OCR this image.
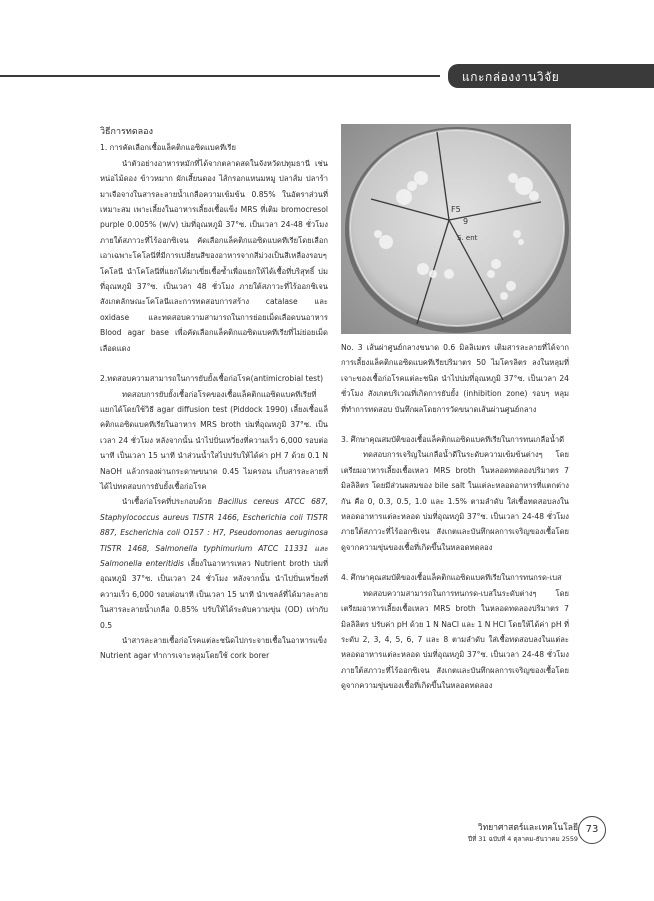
แกะกล่องงานวิจัย

วิธีการทดลอง

1. การคัดเลือกเชื้อแล็คติกแอซิดแบคทีเรีย

นำตัวอย่างอาหารหมักที่ได้จากตลาดสดในจังหวัดปทุมธานี เช่น หน่อไม้ดอง ข้าวหมาก ผักเสี้ยนดอง ไส้กรอกแหนมหมู ปลาส้ม ปลาร้า มาเจือจางในสารละลายน้ำเกลือความเข้มข้น 0.85% ในอัตราส่วนที่เหมาะสม เพาะเลี้ยงในอาหารเลี้ยงเชื้อแข็ง MRS ที่เติม bromocresol purple 0.005% (w/v) บ่มที่อุณหภูมิ 37°ซ. เป็นเวลา 24-48 ชั่วโมงภายใต้สภาวะที่ไร้ออกซิเจน คัดเลือกแล็คติกแอซิดแบคทีเรียโดยเลือกเอาเฉพาะโคโลนีที่มีการเปลี่ยนสีของอาหารจากสีม่วงเป็นสีเหลืองรอบๆ โคโลนี นำโคโลนีที่แยกได้มาเขี่ยเชื้อซ้ำเพื่อแยกให้ได้เชื้อที่บริสุทธิ์ บ่มที่อุณหภูมิ 37°ซ. เป็นเวลา 48 ชั่วโมง ภายใต้สภาวะที่ไร้ออกซิเจน สังเกตลักษณะโคโลนีและการทดสอบการสร้าง catalase และ oxidase และทดสอบความสามารถในการย่อยเม็ดเลือดบนอาหาร Blood agar base เพื่อคัดเลือกแล็คติกแอซิดแบคทีเรียที่ไม่ย่อยเม็ดเลือดแดง

2.ทดสอบความสามารถในการยับยั้งเชื้อก่อโรค(antimicrobial test)

ทดสอบการยับยั้งเชื้อก่อโรคของเชื้อแล็คติกแอซิดแบคทีเรียที่แยกได้โดยใช้วิธี agar diffusion test (Piddock 1990) เลี้ยงเชื้อแล็คติกแอซิดแบคทีเรียในอาหาร MRS broth บ่มที่อุณหภูมิ 37°ซ. เป็นเวลา 24 ชั่วโมง หลังจากนั้น นำไปปั่นเหวี่ยงที่ความเร็ว 6,000 รอบต่อนาที เป็นเวลา 15 นาที นำส่วนน้ำใสไปปรับให้ได้ค่า pH 7 ด้วย 0.1 N NaOH แล้วกรองผ่านกระดาษขนาด 0.45 ไมครอน เก็บสารละลายที่ได้ไปทดสอบการยับยั้งเชื้อก่อโรค

นำเชื้อก่อโรคที่ประกอบด้วย Bacillus cereus ATCC 687, Staphylococcus aureus TISTR 1466, Escherichia coli TISTR 887, Escherichia coli O157 : H7, Pseudomonas aeruginosa TISTR 1468, Salmonella typhimurium ATCC 11331 และ Salmonella enteritidis เลี้ยงในอาหารเหลว Nutrient broth บ่มที่อุณหภูมิ 37°ซ. เป็นเวลา 24 ชั่วโมง หลังจากนั้น นำไปปั่นเหวี่ยงที่ความเร็ว 6,000 รอบต่อนาที เป็นเวลา 15 นาที นำเซลล์ที่ได้มาละลายในสารละลายน้ำเกลือ 0.85% ปรับให้ได้ระดับความขุ่น (OD) เท่ากับ 0.5

นำสารละลายเชื้อก่อโรคแต่ละชนิดไปกระจายเชื้อในอาหารแข็ง Nutrient agar ทำการเจาะหลุมโดยใช้ cork borer

F5
9
S. ent

No. 3 เส้นผ่าศูนย์กลางขนาด 0.6 มิลลิเมตร เติมสารละลายที่ได้จากการเลี้ยงแล็คติกแอซิดแบคทีเรียปริมาตร 50 ไมโครลิตร ลงในหลุมที่เจาะของเชื้อก่อโรคแต่ละชนิด นำไปบ่มที่อุณหภูมิ 37°ซ. เป็นเวลา 24 ชั่วโมง สังเกตบริเวณที่เกิดการยับยั้ง (inhibition zone) รอบๆ หลุมที่ทำการทดสอบ บันทึกผลโดยการวัดขนาดเส้นผ่านศูนย์กลาง

3. ศึกษาคุณสมบัติของเชื้อแล็คติกแอซิดแบคทีเรียในการทนเกลือน้ำดี

ทดสอบการเจริญในเกลือน้ำดีในระดับความเข้มข้นต่างๆ โดยเตรียมอาหารเลี้ยงเชื้อเหลว MRS broth ในหลอดทดลองปริมาตร 7 มิลลิลิตร โดยมีส่วนผสมของ bile salt ในแต่ละหลอดอาหารที่แตกต่างกัน คือ 0, 0.3, 0.5, 1.0 และ 1.5% ตามลำดับ ใส่เชื้อทดสอบลงในหลอดอาหารแต่ละหลอด บ่มที่อุณหภูมิ 37°ซ. เป็นเวลา 24-48 ชั่วโมง ภายใต้สภาวะที่ไร้ออกซิเจน สังเกตและบันทึกผลการเจริญของเชื้อโดยดูจากความขุ่นของเชื้อที่เกิดขึ้นในหลอดทดลอง

4. ศึกษาคุณสมบัติของเชื้อแล็คติกแอซิดแบคทีเรียในการทนกรด-เบส

ทดสอบความสามารถในการทนกรด-เบสในระดับต่างๆ โดยเตรียมอาหารเลี้ยงเชื้อเหลว MRS broth ในหลอดทดลองปริมาตร 7 มิลลิลิตร ปรับค่า pH ด้วย 1 N NaCl และ 1 N HCl โดยให้ได้ค่า pH ที่ระดับ 2, 3, 4, 5, 6, 7 และ 8 ตามลำดับ ใส่เชื้อทดสอบลงในแต่ละหลอดอาหารแต่ละหลอด บ่มที่อุณหภูมิ 37°ซ. เป็นเวลา 24-48 ชั่วโมง ภายใต้สภาวะที่ไร้ออกซิเจน สังเกตและบันทึกผลการเจริญของเชื้อโดยดูจากความขุ่นของเชื้อที่เกิดขึ้นในหลอดทดลอง

วิทยาศาสตร์และเทคโนโลยี
ปีที่ 31 ฉบับที่ 4 ตุลาคม-ธันวาคม 2559
73
